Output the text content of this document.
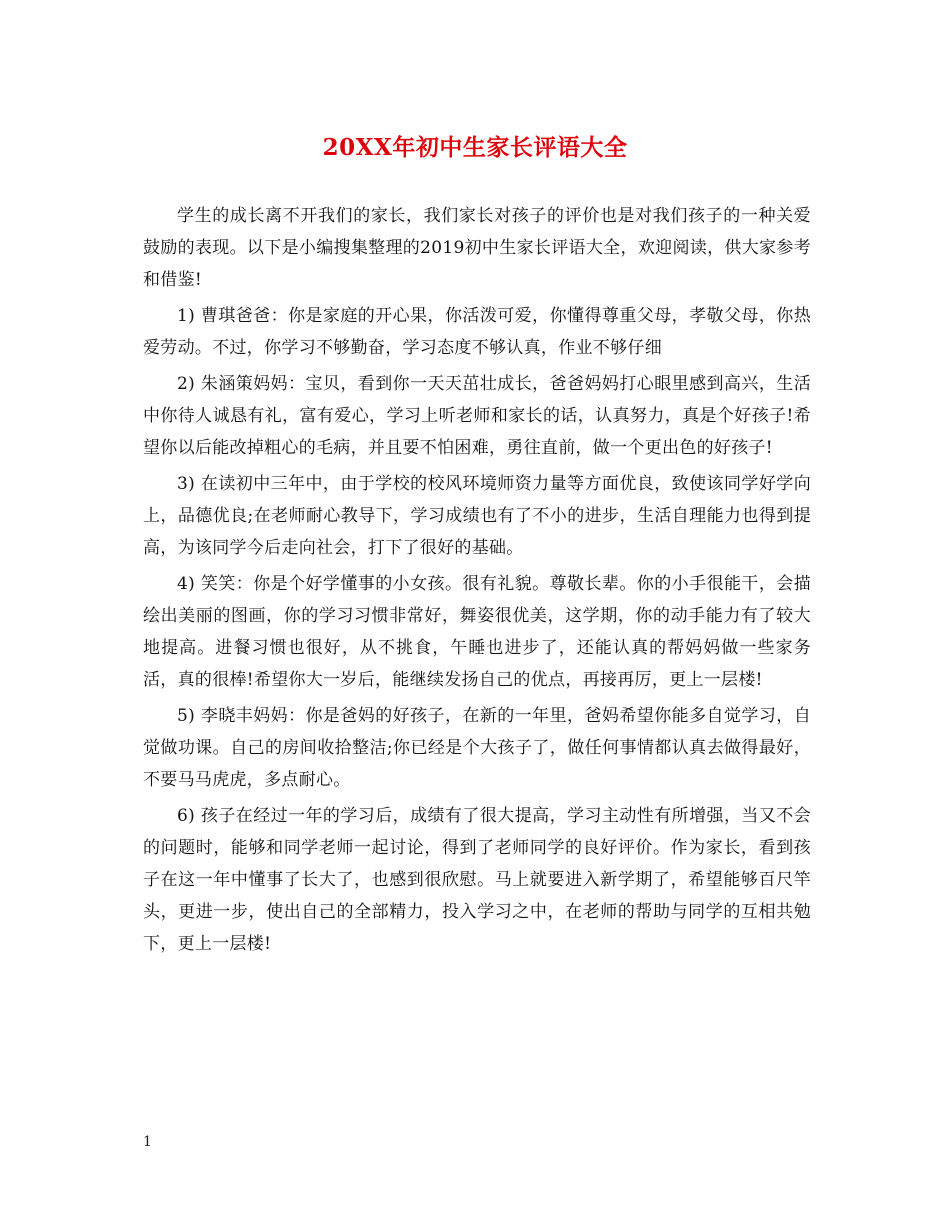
20XX年初中生家长评语大全

学生的成长离不开我们的家长，我们家长对孩子的评价也是对我们孩子的一种关爱鼓励的表现。以下是小编搜集整理的2019初中生家长评语大全，欢迎阅读，供大家参考和借鉴!

1) 曹琪爸爸：你是家庭的开心果，你活泼可爱，你懂得尊重父母，孝敬父母，你热爱劳动。不过，你学习不够勤奋，学习态度不够认真，作业不够仔细

2) 朱涵策妈妈：宝贝，看到你一天天茁壮成长，爸爸妈妈打心眼里感到高兴，生活中你待人诚恳有礼，富有爱心，学习上听老师和家长的话，认真努力，真是个好孩子!希望你以后能改掉粗心的毛病，并且要不怕困难，勇往直前，做一个更出色的好孩子!

3) 在读初中三年中，由于学校的校风环境师资力量等方面优良，致使该同学好学向上，品德优良;在老师耐心教导下，学习成绩也有了不小的进步，生活自理能力也得到提高，为该同学今后走向社会，打下了很好的基础。

4) 笑笑：你是个好学懂事的小女孩。很有礼貌。尊敬长辈。你的小手很能干，会描绘出美丽的图画，你的学习习惯非常好，舞姿很优美，这学期，你的动手能力有了较大地提高。进餐习惯也很好，从不挑食，午睡也进步了，还能认真的帮妈妈做一些家务活，真的很棒!希望你大一岁后，能继续发扬自己的优点，再接再厉，更上一层楼!

5) 李晓丰妈妈：你是爸妈的好孩子，在新的一年里，爸妈希望你能多自觉学习，自觉做功课。自己的房间收拾整洁;你已经是个大孩子了，做任何事情都认真去做得最好，不要马马虎虎，多点耐心。

6) 孩子在经过一年的学习后，成绩有了很大提高，学习主动性有所增强，当又不会的问题时，能够和同学老师一起讨论，得到了老师同学的良好评价。作为家长，看到孩子在这一年中懂事了长大了，也感到很欣慰。马上就要进入新学期了，希望能够百尺竿头，更进一步，使出自己的全部精力，投入学习之中，在老师的帮助与同学的互相共勉下，更上一层楼!

1
